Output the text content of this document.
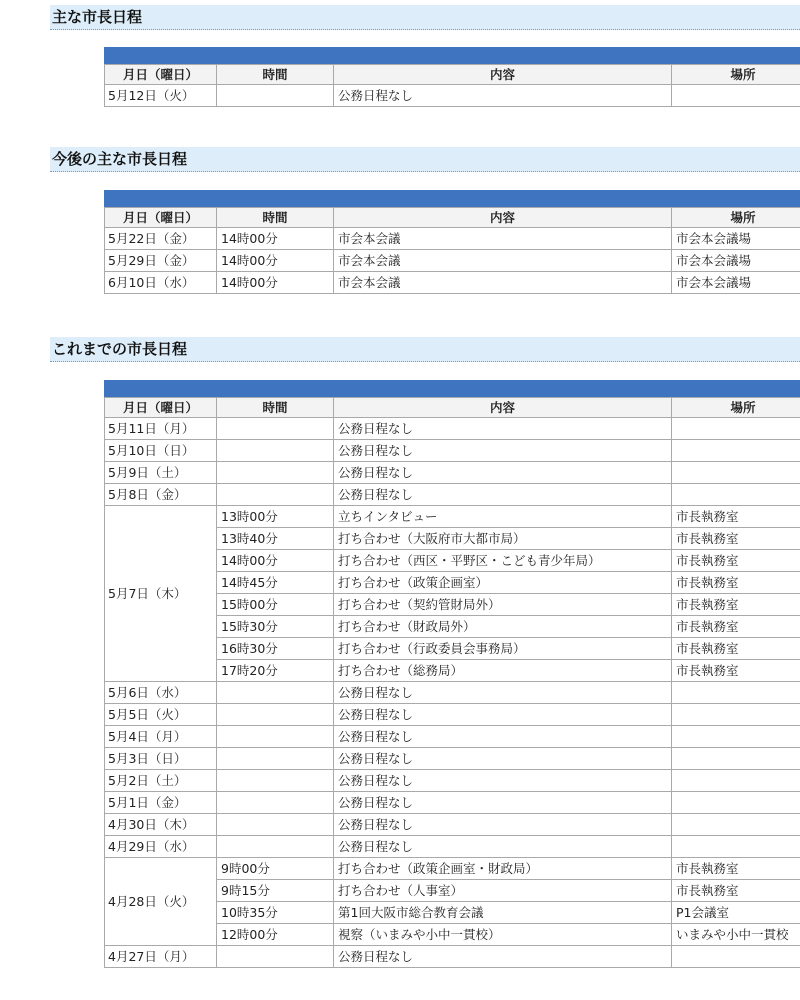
主な市長日程
月日（曜日）	時間	内容	場所
5月12日（火）		公務日程なし	
今後の主な市長日程
月日（曜日）	時間	内容	場所
5月22日（金）	14時00分	市会本会議	市会本会議場
5月29日（金）	14時00分	市会本会議	市会本会議場
6月10日（水）	14時00分	市会本会議	市会本会議場
これまでの市長日程
月日（曜日）	時間	内容	場所
5月11日（月）		公務日程なし	
5月10日（日）		公務日程なし	
5月9日（土）		公務日程なし	
5月8日（金）		公務日程なし	
5月7日（木）	13時00分	立ちインタビュー	市長執務室
	13時40分	打ち合わせ（大阪府市大都市局）	市長執務室
	14時00分	打ち合わせ（西区・平野区・こども青少年局）	市長執務室
	14時45分	打ち合わせ（政策企画室）	市長執務室
	15時00分	打ち合わせ（契約管財局外）	市長執務室
	15時30分	打ち合わせ（財政局外）	市長執務室
	16時30分	打ち合わせ（行政委員会事務局）	市長執務室
	17時20分	打ち合わせ（総務局）	市長執務室
5月6日（水）		公務日程なし	
5月5日（火）		公務日程なし	
5月4日（月）		公務日程なし	
5月3日（日）		公務日程なし	
5月2日（土）		公務日程なし	
5月1日（金）		公務日程なし	
4月30日（木）		公務日程なし	
4月29日（水）		公務日程なし	
4月28日（火）	9時00分	打ち合わせ（政策企画室・財政局）	市長執務室
	9時15分	打ち合わせ（人事室）	市長執務室
	10時35分	第1回大阪市総合教育会議	P1会議室
	12時00分	視察（いまみや小中一貫校）	いまみや小中一貫校
4月27日（月）		公務日程なし	
